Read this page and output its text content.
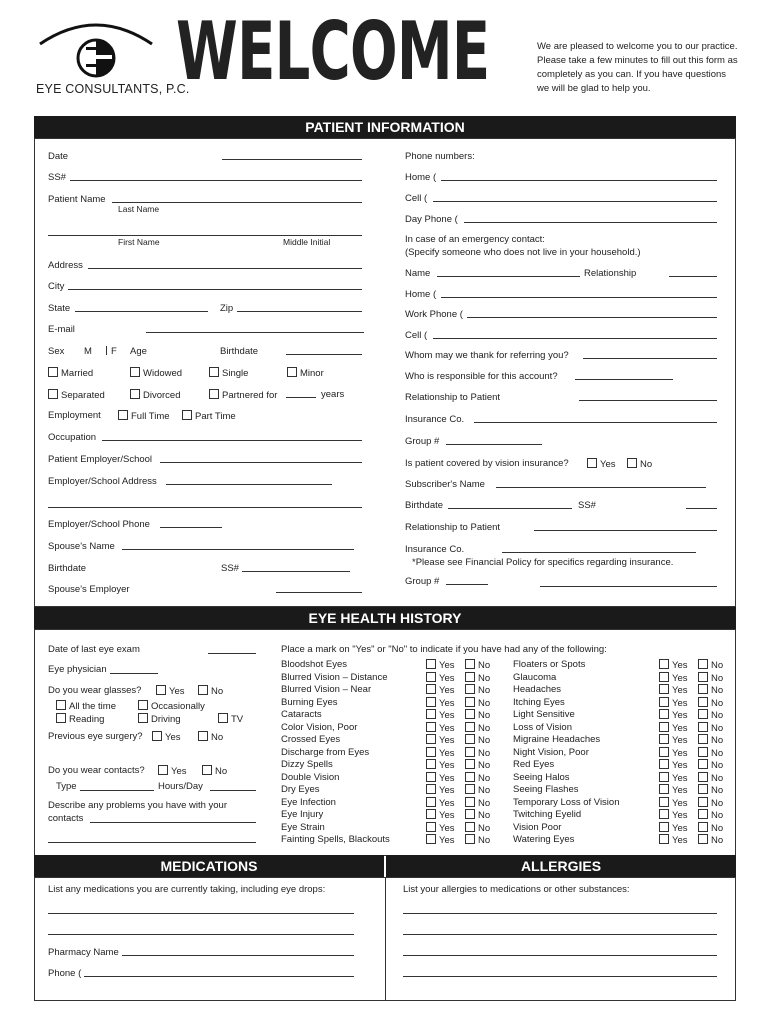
EYE CONSULTANTS, P.C.
WELCOME	We are pleased to welcome you to our practice. Please take a few minutes to fill out this form as completely as you can. If you have questions we will be glad to help you.
PATIENT INFORMATION
Date
SS#
Patient Name
Last Name
First Name	Middle Initial
Address
City
State	Zip
E-mail
Sex M	F Age	Birthdate
Married	Widowed	Single	Minor
Separated	Divorced	Partnered for	years
Employment	Full Time	Part Time
Occupation
Patient Employer/School
Employer/School Address
Employer/School Phone
Spouse's Name
Birthdate	SS#
Spouse's Employer
Phone numbers:
Home (
Cell (
Day Phone (
In case of an emergency contact:
(Specify someone who does not live in your household.)
Name	Relationship
Home (
Work Phone (
Cell (
Whom may we thank for referring you?
Who is responsible for this account?
Relationship to Patient
Insurance Co.
Group #
Is patient covered by vision insurance?	Yes	No
Subscriber's Name
Birthdate	SS#
Relationship to Patient
Insurance Co.
*Please see Financial Policy for specifics regarding insurance.
Group #
EYE HEALTH HISTORY
Date of last eye exam
Eye physician
Do you wear glasses?	Yes	No
All the time	Occasionally
Reading	Driving	TV
Previous eye surgery?	Yes	No
Do you wear contacts?	Yes	No
Type	Hours/Day
Describe any problems you have with your
contacts
Place a mark on "Yes" or "No" to indicate if you have had any of the following:
Bloodshot Eyes	Yes	No
Blurred Vision – Distance	Yes	No
Blurred Vision – Near	Yes	No
Burning Eyes	Yes	No
Cataracts	Yes	No
Color Vision, Poor	Yes	No
Crossed Eyes	Yes	No
Discharge from Eyes	Yes	No
Dizzy Spells	Yes	No
Double Vision	Yes	No
Dry Eyes	Yes	No
Eye Infection	Yes	No
Eye Injury	Yes	No
Eye Strain	Yes	No
Fainting Spells, Blackouts	Yes	No
Floaters or Spots	Yes	No
Glaucoma	Yes	No
Headaches	Yes	No
Itching Eyes	Yes	No
Light Sensitive	Yes	No
Loss of Vision	Yes	No
Migraine Headaches	Yes	No
Night Vision, Poor	Yes	No
Red Eyes	Yes	No
Seeing Halos	Yes	No
Seeing Flashes	Yes	No
Temporary Loss of Vision	Yes	No
Twitching Eyelid	Yes	No
Vision Poor	Yes	No
Watering Eyes	Yes	No
MEDICATIONS	ALLERGIES
List any medications you are currently taking, including eye drops:
Pharmacy Name
Phone (
List your allergies to medications or other substances:
